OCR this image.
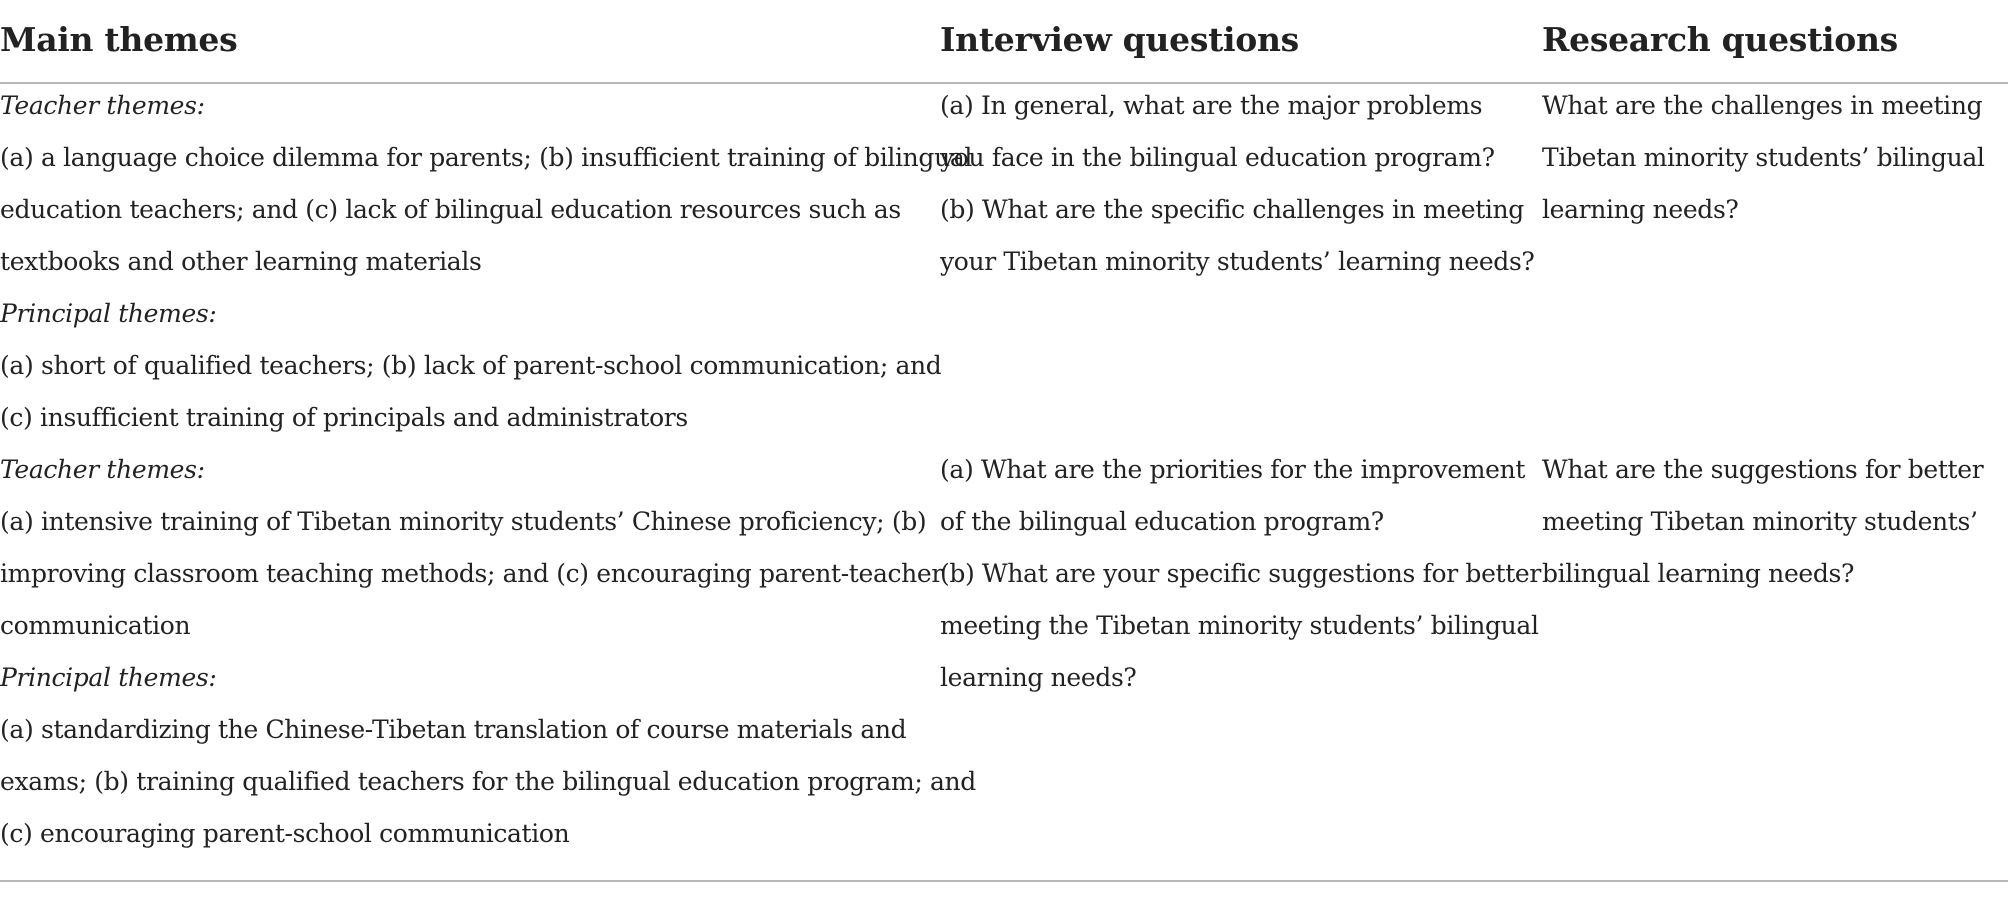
Main themes	Interview questions	Research questions
Teacher themes:
(a) a language choice dilemma for parents; (b) insufficient training of bilingual
education teachers; and (c) lack of bilingual education resources such as
textbooks and other learning materials
Principal themes:
(a) short of qualified teachers; (b) lack of parent-school communication; and
(c) insufficient training of principals and administrators
(a) In general, what are the major problems
you face in the bilingual education program?
(b) What are the specific challenges in meeting
your Tibetan minority students’ learning needs?
What are the challenges in meeting
Tibetan minority students’ bilingual
learning needs?
Teacher themes:
(a) intensive training of Tibetan minority students’ Chinese proficiency; (b)
improving classroom teaching methods; and (c) encouraging parent-teacher
communication
Principal themes:
(a) standardizing the Chinese-Tibetan translation of course materials and
exams; (b) training qualified teachers for the bilingual education program; and
(c) encouraging parent-school communication
(a) What are the priorities for the improvement
of the bilingual education program?
(b) What are your specific suggestions for better
meeting the Tibetan minority students’ bilingual
learning needs?
What are the suggestions for better
meeting Tibetan minority students’
bilingual learning needs?
